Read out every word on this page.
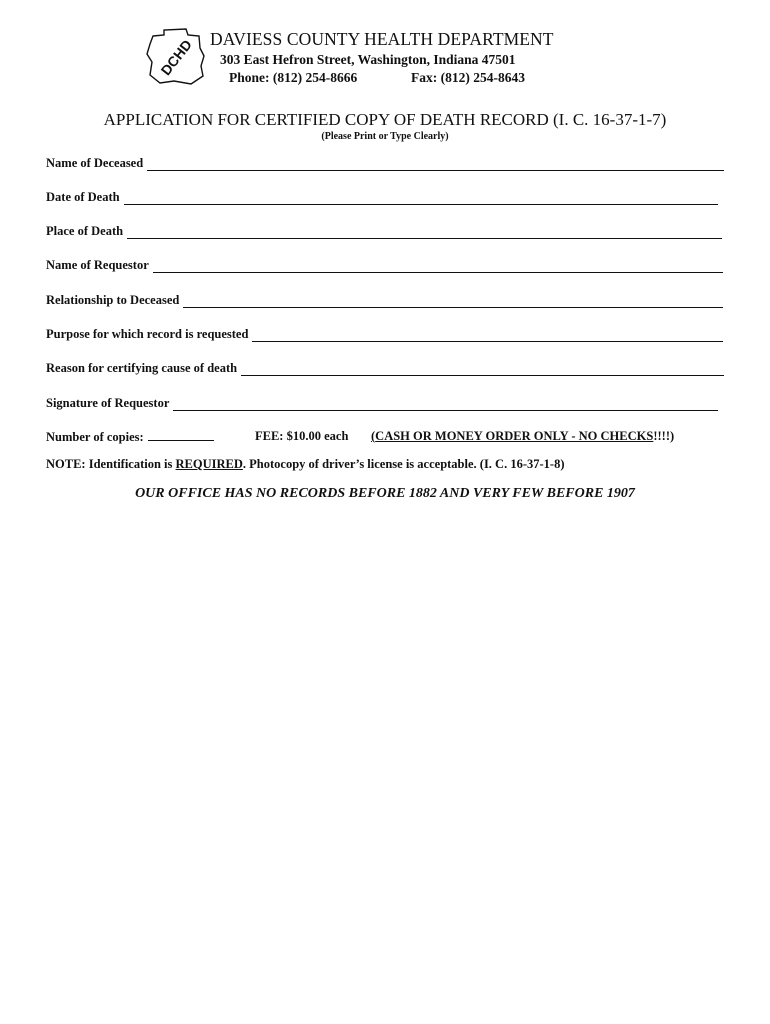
DCHD DAVIESS COUNTY HEALTH DEPARTMENT
303 East Hefron Street, Washington, Indiana 47501
Phone: (812) 254-8666	Fax: (812) 254-8643
APPLICATION FOR CERTIFIED COPY OF DEATH RECORD (I. C. 16-37-1-7)
(Please Print or Type Clearly)
Name of Deceased
Date of Death
Place of Death
Name of Requestor
Relationship to Deceased
Purpose for which record is requested
Reason for certifying cause of death
Signature of Requestor
Number of copies:	FEE: $10.00 each (CASH OR MONEY ORDER ONLY - NO CHECKS!!!!)
NOTE: Identification is REQUIRED. Photocopy of driver’s license is acceptable. (I. C. 16-37-1-8)
OUR OFFICE HAS NO RECORDS BEFORE 1882 AND VERY FEW BEFORE 1907
